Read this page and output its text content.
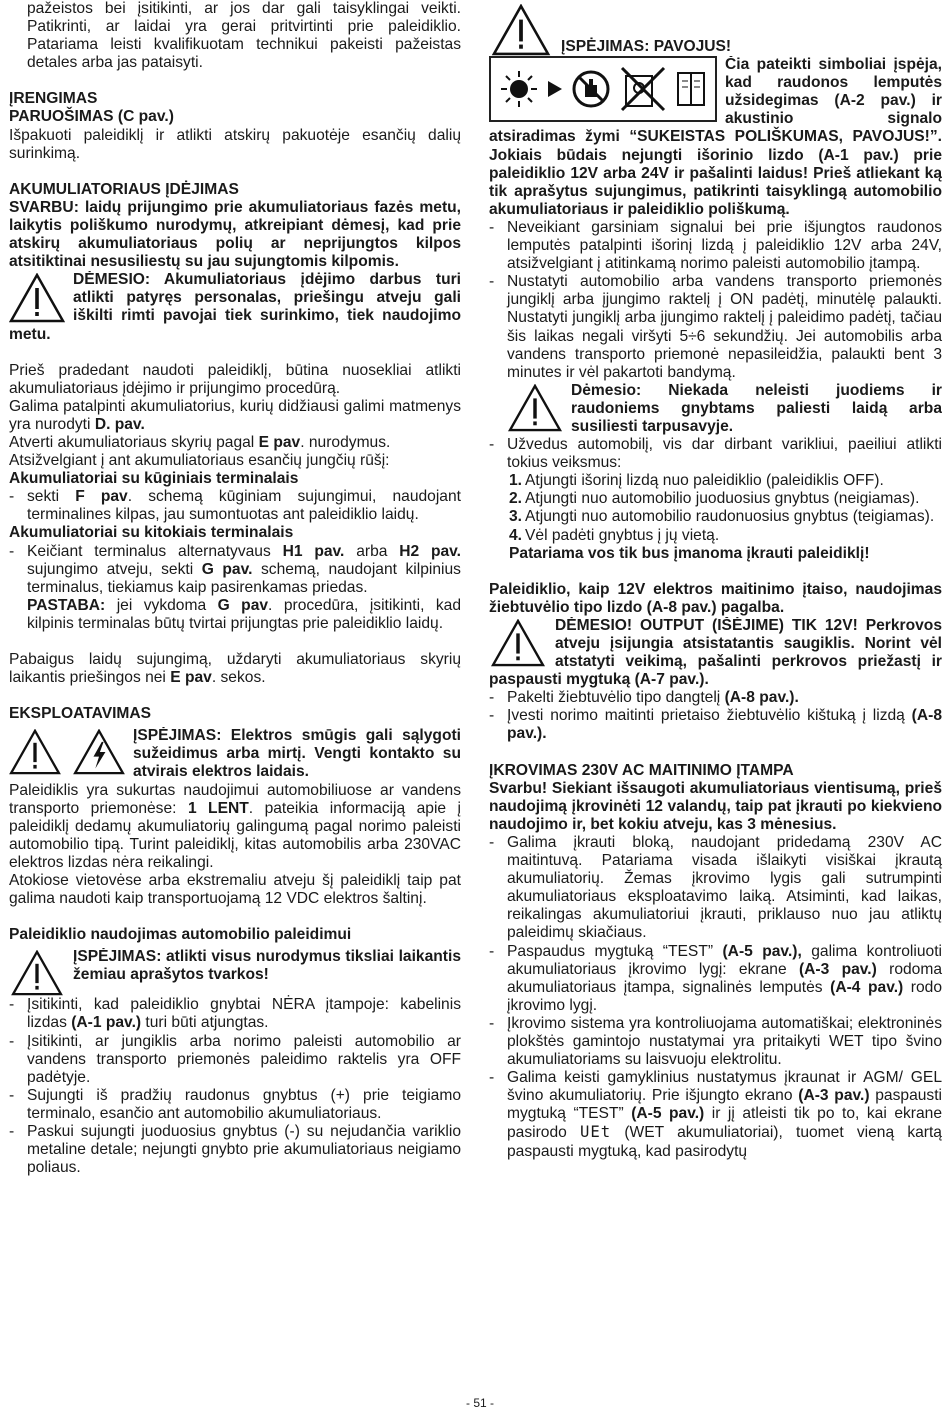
pažeistos bei įsitikinti, ar jos dar gali taisyklingai veikti. Patikrinti, ar laidai yra gerai pritvirtinti prie paleidiklio. Patariama leisti kvalifikuotam technikui pakeisti pažeistas detales arba jas pataisyti.

ĮRENGIMAS

PARUOŠIMAS (C pav.)

Išpakuoti paleidiklį ir atlikti atskirų pakuotėje esančių dalių surinkimą.

AKUMULIATORIAUS ĮDĖJIMAS

SVARBU: laidų prijungimo prie akumuliatoriaus fazės metu, laikytis poliškumo nurodymų, atkreipiant dėmesį, kad prie atskirų akumuliatoriaus polių ar neprijungtos kilpos atsitiktinai nesusiliestų su jau sujungtomis kilpomis.

DĖMESIO: Akumuliatoriaus įdėjimo darbus turi atlikti patyręs personalas, priešingu atveju gali iškilti rimti pavojai tiek surinkimo, tiek naudojimo metu.

Prieš pradedant naudoti paleidiklį, būtina nuosekliai atlikti akumuliatoriaus įdėjimo ir prijungimo procedūrą.

Galima patalpinti akumuliatorius, kurių didžiausi galimi matmenys yra nurodyti D. pav.

Atverti akumuliatoriaus skyrių pagal E pav. nurodymus.

Atsižvelgiant į ant akumuliatoriaus esančių jungčių rūšį:

Akumuliatoriai su kūginiais terminalais

- sekti F pav. schemą kūginiam sujungimui, naudojant terminalines kilpas, jau sumontuotas ant paleidiklio laidų.

Akumuliatoriai su kitokiais terminalais

- Keičiant terminalus alternatyvaus H1 pav. arba H2 pav. sujungimo atveju, sekti G pav. schemą, naudojant kilpinius terminalus, tiekiamus kaip pasirenkamas priedas.

PASTABA: jei vykdoma G pav. procedūra, įsitikinti, kad kilpinis terminalas būtų tvirtai prijungtas prie paleidiklio laidų.

Pabaigus laidų sujungimą, uždaryti akumuliatoriaus skyrių laikantis priešingos nei E pav. sekos.

EKSPLOATAVIMAS

ĮSPĖJIMAS: Elektros smūgis gali sąlygoti sužeidimus arba mirtį. Vengti kontakto su atvirais elektros laidais.

Paleidiklis yra sukurtas naudojimui automobiliuose ar vandens transporto priemonėse: 1 LENT. pateikia informaciją apie į paleidiklį dedamų akumuliatorių galingumą pagal norimo paleisti automobilio tipą. Turint paleidiklį, kitas automobilis arba 230VAC elektros lizdas nėra reikalingi.

Atokiose vietovėse arba ekstremaliu atveju šį paleidiklį taip pat galima naudoti kaip transportuojamą 12 VDC elektros šaltinį.

Paleidiklio naudojimas automobilio paleidimui

ĮSPĖJIMAS: atlikti visus nurodymus tiksliai laikantis žemiau aprašytos tvarkos!

- Įsitikinti, kad paleidiklio gnybtai NĖRA įtampoje: kabelinis lizdas (A-1 pav.) turi būti atjungtas.
- Įsitikinti, ar jungiklis arba norimo paleisti automobilio ar vandens transporto priemonės paleidimo raktelis yra OFF padėtyje.
- Sujungti iš pradžių raudonus gnybtus (+) prie teigiamo terminalo, esančio ant automobilio akumuliatoriaus.
- Paskui sujungti juoduosius gnybtus (-) su nejudančia variklio metaline detale; nejungti gnybto prie akumuliatoriaus neigiamo poliaus.

ĮSPĖJIMAS: PAVOJUS!

Čia pateikti simboliai įspėja, kad raudonos lemputės užsidegimas (A-2 pav.) ir akustinio signalo atsiradimas žymi “SUKEISTAS POLIŠKUMAS, PAVOJUS!”. Jokiais būdais nejungti išorinio lizdo (A-1 pav.) prie paleidiklio 12V arba 24V ir pašalinti laidus! Prieš atliekant ką tik aprašytus sujungimus, patikrinti taisyklingą automobilio akumuliatoriaus ir paleidiklio poliškumą.

- Neveikiant garsiniam signalui bei prie išjungtos raudonos lemputės patalpinti išorinį lizdą į paleidiklio 12V arba 24V, atsižvelgiant į atitinkamą norimo paleisti automobilio įtampą.
- Nustatyti automobilio arba vandens transporto priemonės jungiklį arba įjungimo raktelį į ON padėtį, minutėlę palaukti. Nustatyti jungiklį arba įjungimo raktelį į paleidimo padėtį, tačiau šis laikas negali viršyti 5÷6 sekundžių. Jei automobilis arba vandens transporto priemonė nepasileidžia, palaukti bent 3 minutes ir vėl pakartoti bandymą.

Dėmesio: Niekada neleisti juodiems ir raudoniems gnybtams paliesti laidą arba susiliesti tarpusavyje.

- Užvedus automobilį, vis dar dirbant varikliui, paeiliui atlikti tokius veiksmus:
1. Atjungti išorinį lizdą nuo paleidiklio (paleidiklis OFF).
2. Atjungti nuo automobilio juoduosius gnybtus (neigiamas).
3. Atjungti nuo automobilio raudonuosius gnybtus (teigiamas).
4. Vėl padėti gnybtus į jų vietą.

Patariama vos tik bus įmanoma įkrauti paleidiklį!

Paleidiklio, kaip 12V elektros maitinimo įtaiso, naudojimas žiebtuvėlio tipo lizdo (A-8 pav.) pagalba.

DĖMESIO! OUTPUT (IŠĖJIME) TIK 12V! Perkrovos atveju įsijungia atsistatantis saugiklis. Norint vėl atstatyti veikimą, pašalinti perkrovos priežastį ir paspausti mygtuką (A-7 pav.).

- Pakelti žiebtuvėlio tipo dangtelį (A-8 pav.).
- Įvesti norimo maitinti prietaiso žiebtuvėlio kištuką į lizdą (A-8 pav.).

ĮKROVIMAS 230V AC MAITINIMO ĮTAMPA

Svarbu! Siekiant išsaugoti akumuliatoriaus vientisumą, prieš naudojimą įkrovinėti 12 valandų, taip pat įkrauti po kiekvieno naudojimo ir, bet kokiu atveju, kas 3 mėnesius.

- Galima įkrauti bloką, naudojant pridedamą 230V AC maitintuvą. Patariama visada išlaikyti visiškai įkrautą akumuliatorių. Žemas įkrovimo lygis gali sutrumpinti akumuliatoriaus eksploatavimo laiką. Atsiminti, kad laikas, reikalingas akumuliatoriui įkrauti, priklauso nuo jau atliktų paleidimų skiačiaus.
- Paspaudus mygtuką “TEST” (A-5 pav.), galima kontroliuoti akumuliatoriaus įkrovimo lygį: ekrane (A-3 pav.) rodoma akumuliatoriaus įtampa, signalinės lemputės (A-4 pav.) rodo įkrovimo lygį.
- Įkrovimo sistema yra kontroliuojama automatiškai; elektroninės plokštės gamintojo nustatymai yra pritaikyti WET tipo švino akumuliatoriams su laisvuoju elektrolitu.
- Galima keisti gamyklinius nustatymus įkraunat ir AGM/ GEL švino akumuliatorių. Prie išjungto ekrano (A-3 pav.) paspausti mygtuką “TEST” (A-5 pav.) ir jį atleisti tik po to, kai ekrane pasirodo UEt (WET akumuliatoriai), tuomet vieną kartą paspausti mygtuką, kad pasirodytų
- 51 -
